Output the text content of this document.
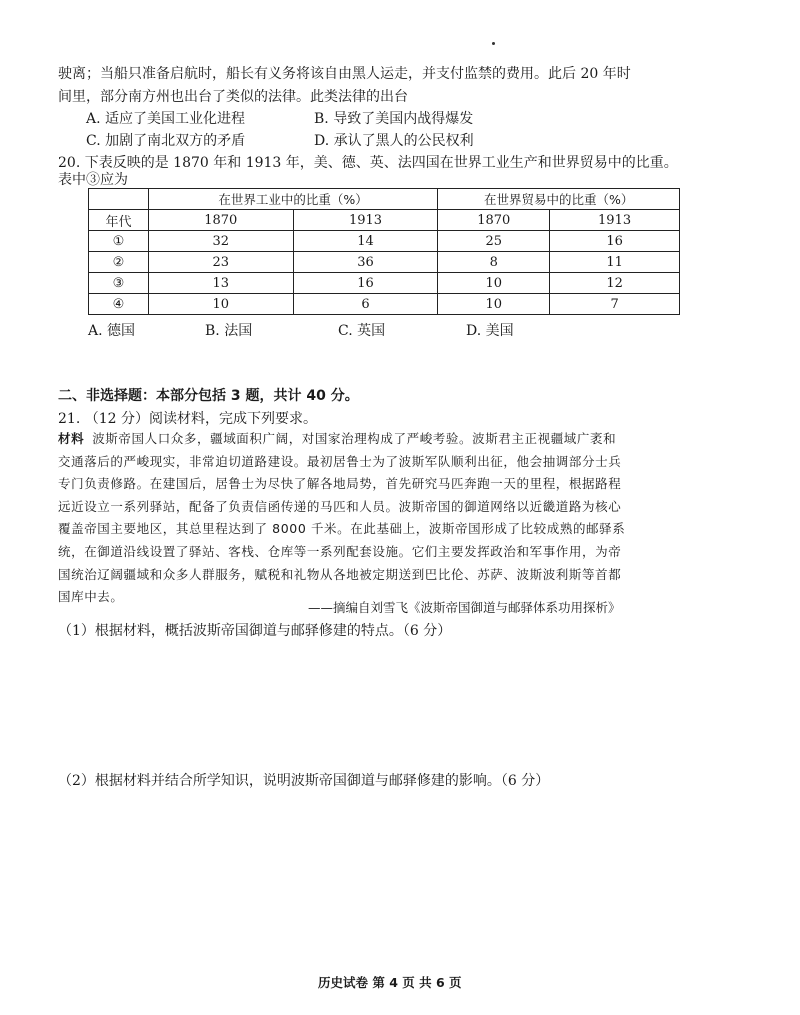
驶离；当船只准备启航时，船长有义务将该自由黑人运走，并支付监禁的费用。此后 20 年时
间里，部分南方州也出台了类似的法律。此类法律的出台
A. 适应了美国工业化进程	B. 导致了美国内战得爆发
C. 加剧了南北双方的矛盾	D. 承认了黑人的公民权利
20. 下表反映的是 1870 年和 1913 年，美、德、英、法四国在世界工业生产和世界贸易中的比重。
表中③应为
	在世界工业中的比重（%）		在世界贸易中的比重（%）	
年代	1870	1913	1870	1913
①	32	14	25	16
②	23	36	8	11
③	13	16	10	12
④	10	6	10	7
A. 德国	B. 法国	C. 英国	D. 美国
二、非选择题：本部分包括 3 题，共计 40 分。
21. （12 分）阅读材料，完成下列要求。
材料 波斯帝国人口众多，疆域面积广阔，对国家治理构成了严峻考验。波斯君主正视疆域广袤和
交通落后的严峻现实，非常迫切道路建设。最初居鲁士为了波斯军队顺利出征，他会抽调部分士兵
专门负责修路。在建国后，居鲁士为尽快了解各地局势，首先研究马匹奔跑一天的里程，根据路程
远近设立一系列驿站，配备了负责信函传递的马匹和人员。波斯帝国的御道网络以近畿道路为核心
覆盖帝国主要地区，其总里程达到了 8000 千米。在此基础上，波斯帝国形成了比较成熟的邮驿系
统，在御道沿线设置了驿站、客栈、仓库等一系列配套设施。它们主要发挥政治和军事作用，为帝
国统治辽阔疆域和众多人群服务，赋税和礼物从各地被定期送到巴比伦、苏萨、波斯波利斯等首都
国库中去。
——摘编自刘雪飞《波斯帝国御道与邮驿体系功用探析》
（1）根据材料，概括波斯帝国御道与邮驿修建的特点。（6 分）
（2）根据材料并结合所学知识，说明波斯帝国御道与邮驿修建的影响。（6 分）
历史试卷 第 4 页 共 6 页
